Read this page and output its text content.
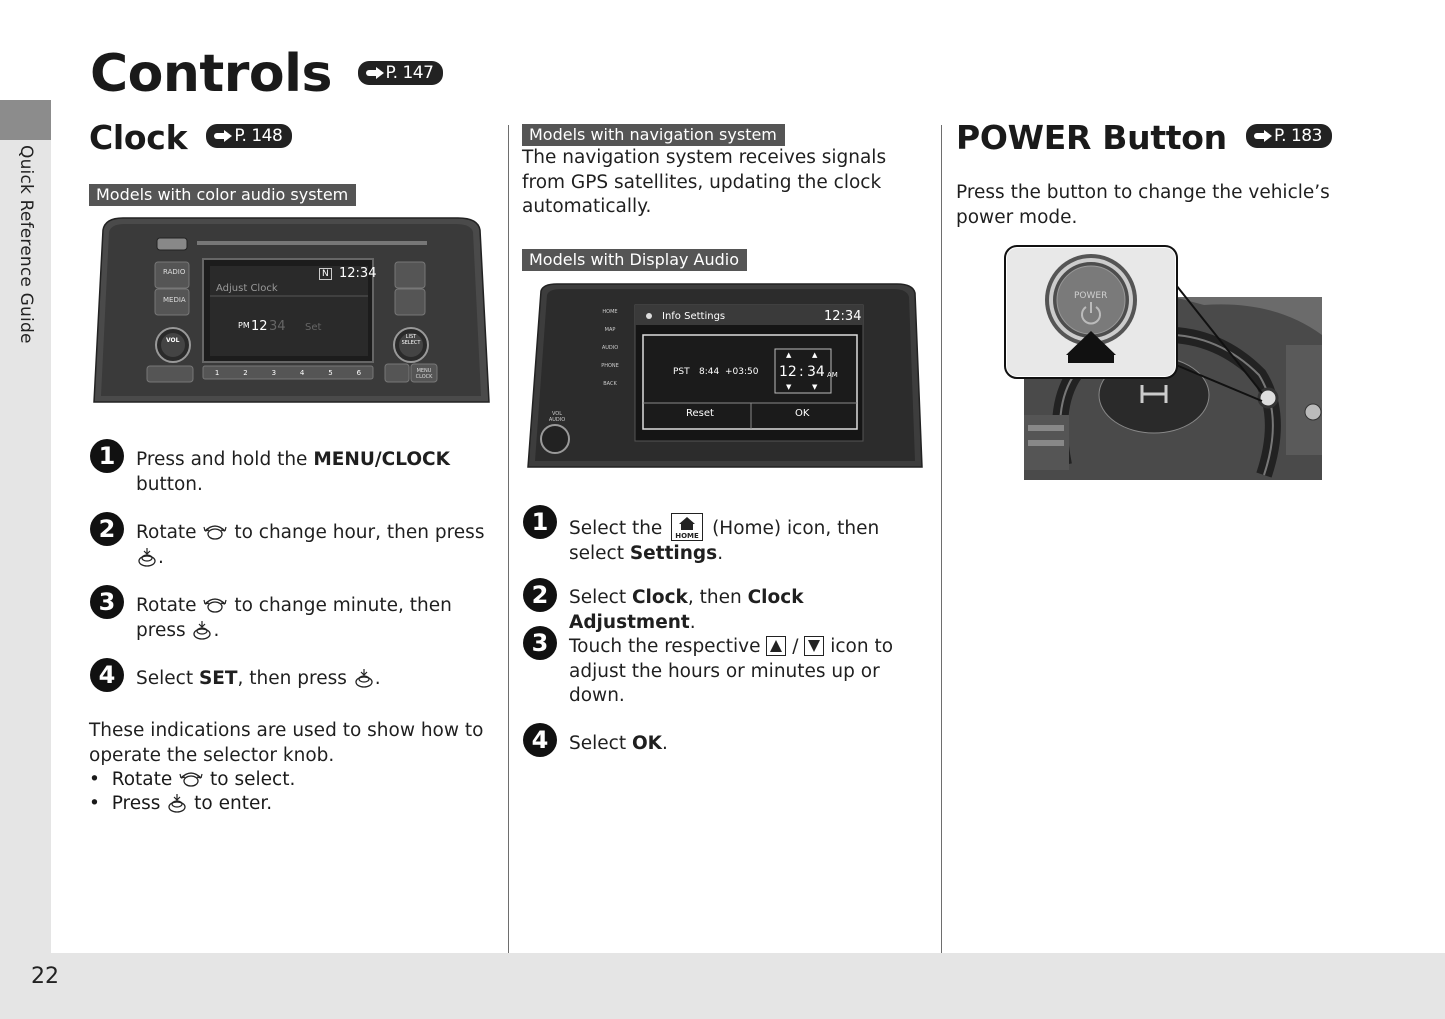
Quick Reference Guide
22
Controls	P. 147
Clock	P. 148
Models with color audio system
RADIO
MEDIA
VOL	LIST SELECT
MENU CLOCK
N 12:34
Adjust Clock
PM 12 34 Set
1	2	3	4	5	6
1	Press and hold the MENU/CLOCK button.
2	Rotate  to change hour, then press .
3	Rotate  to change minute, then press .
4	Select SET, then press .
These indications are used to show how to operate the selector knob.
•  Rotate  to select.
•  Press  to enter.
Models with navigation system
The navigation system receives signals from GPS satellites, updating the clock automatically.
Models with Display Audio
Info Settings	12:34
PST 8:44 +03:50 12 : 34 AM
▲	▲
▼	▼
Reset	OK
HOME
MAP
AUDIO
PHONE
BACK
VOL AUDIO
1	Select the HOME (Home) icon, then select Settings.
2	Select Clock, then Clock Adjustment.
3	Touch the respective  /  icon to adjust the hours or minutes up or down.
4	Select OK.
POWER Button	P. 183
Press the button to change the vehicle’s power mode.
POWER
